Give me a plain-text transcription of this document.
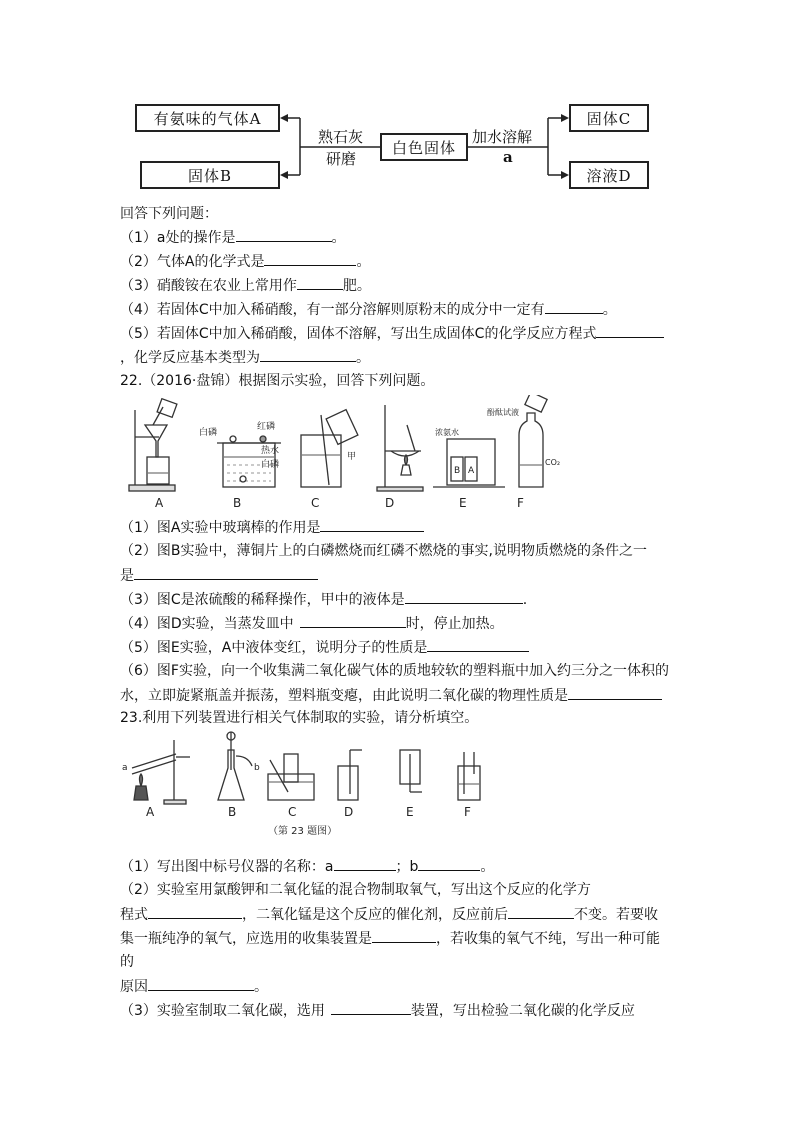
有氨味的气体A
固体B
白色固体
固体C
溶液D
熟石灰
研磨
加水溶解
a
回答下列问题：
（1）a处的操作是	。
（2）气体A的化学式是	。
（3）硝酸铵在农业上常用作	肥。
（4）若固体C中加入稀硝酸，有一部分溶解则原粉末的成分中一定有	。
（5）若固体C中加入稀硝酸，固体不溶解，写出生成固体C的化学反应方程式
，化学反应基本类型为	。
22.（2016·盘锦）根据图示实验，回答下列问题。
白磷
红磷
热水
白磷
甲
浓氨水
酚酞试液
B A
CO₂
A	B	C	D	E	F
（1）图A实验中玻璃棒的作用是
（2）图B实验中，薄铜片上的白磷燃烧而红磷不燃烧的事实,说明物质燃烧的条件之一
是
（3）图C是浓硫酸的稀释操作，甲中的液体是	.
（4）图D实验，当蒸发皿中	时，停止加热。
（5）图E实验，A中液体变红，说明分子的性质是
（6）图F实验，向一个收集满二氧化碳气体的质地较软的塑料瓶中加入约三分之一体积的
水，立即旋紧瓶盖并振荡，塑料瓶变瘪，由此说明二氧化碳的物理性质是
23.利用下列装置进行相关气体制取的实验，请分析填空。
a	b
A	B	C	D	E	F
（第 23 题图）
（1）写出图中标号仪器的名称：a	；b	。
（2）实验室用氯酸钾和二氧化锰的混合物制取氧气，写出这个反应的化学方
程式	，二氧化锰是这个反应的催化剂，反应前后	不变。若要收
集一瓶纯净的氧气，应选用的收集装置是	，若收集的氧气不纯，写出一种可能
的
原因	。
（3）实验室制取二氧化碳，选用	装置，写出检验二氧化碳的化学反应
